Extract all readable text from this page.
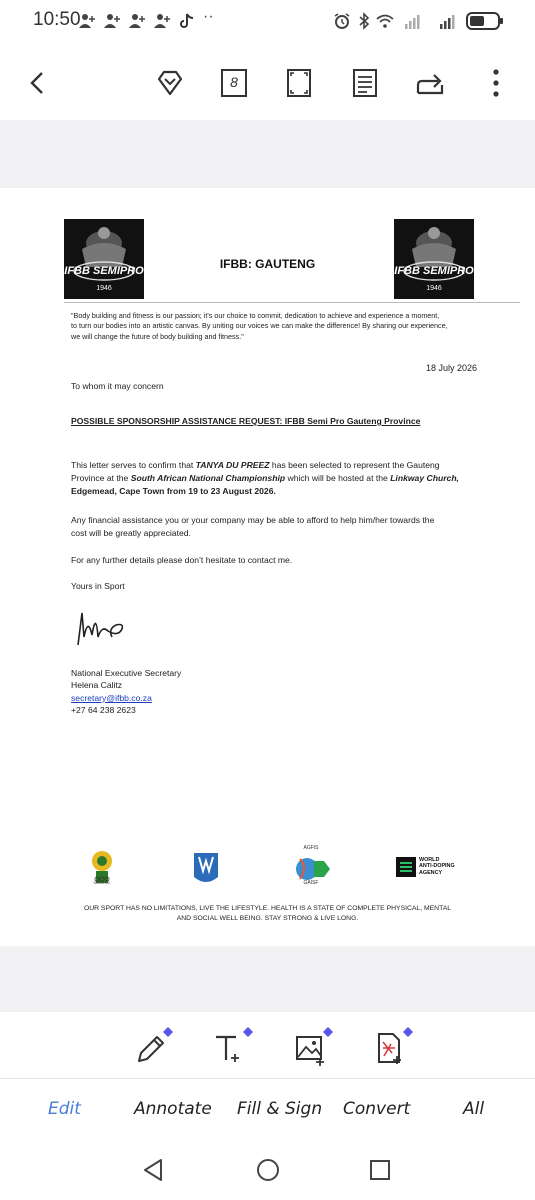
10:50	··
8
IFBB SEMIPRO
1946
IFBB SEMIPRO
1946
IFBB: GAUTENG
"Body building and fitness is our passion; it's our choice to commit, dedication to achieve and experience a moment,
to turn our bodies into an artistic canvas. By uniting our voices we can make the difference! By sharing our experience,
we will change the future of body building and fitness."
18 July 2026
To whom it may concern
POSSIBLE SPONSORSHIP ASSISTANCE REQUEST: IFBB Semi Pro Gauteng Province
This letter serves to confirm that TANYA DU PREEZ has been selected to represent the Gauteng
Province at the South African National Championship which will be hosted at the Linkway Church,
Edgemead, Cape Town from 19 to 23 August 2026.
Any financial assistance you or your company may be able to afford to help him/her towards the
cost will be greatly appreciated.
For any further details please don’t hesitate to contact me.
Yours in Sport
National Executive Secretary
Helena Calitz
secretary@ifbb.co.za
+27 64 238 2623
SASCOC
AGFIS
GAISF
WORLD
ANTI-DOPING
AGENCY
OUR SPORT HAS NO LIMITATIONS, LIVE THE LIFESTYLE. HEALTH IS A STATE OF COMPLETE PHYSICAL, MENTAL
AND SOCIAL WELL BEING. STAY STRONG & LIVE LONG.
Edit	Annotate Fill & Sign Convert	All
